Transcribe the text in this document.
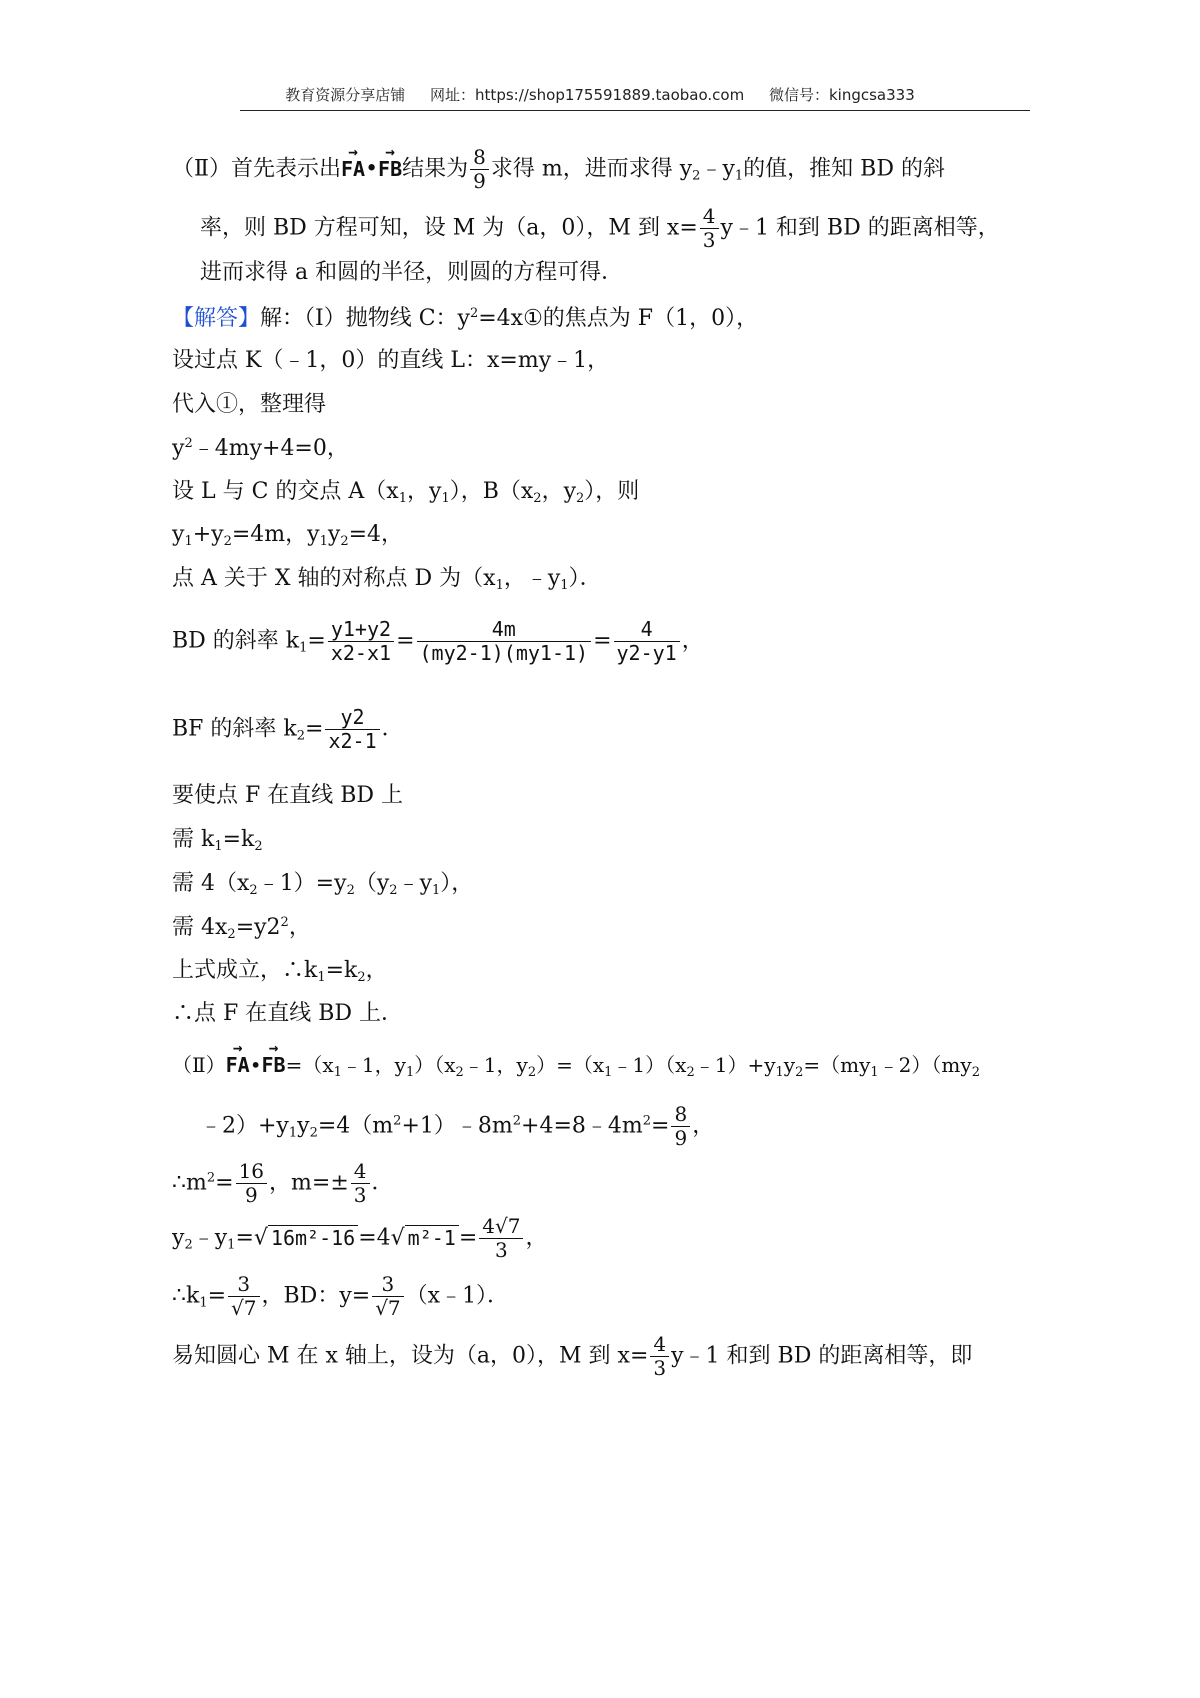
教育资源分享店铺 网址：https://shop175591889.taobao.com 微信号：kingcsa333
（Ⅱ）首先表示出→ FA•→ FB结果为 $\frac{8}{9}$ 求得 m，进而求得 $y_2﹣y_1$的值，推知 BD 的斜
率，则 BD 方程可知，设 M 为（a，0），M 到 $x= \frac{4}{3}$ y﹣1 和到 BD 的距离相等，
进而求得 a 和圆的半径，则圆的方程可得．
【解答】解：（Ⅰ）抛物线 C：$y^2=4x①$的焦点为 F（1，0），
设过点 K（﹣1，0）的直线 L：x=my﹣1，
代入①，整理得
$y^2﹣4my+4=0$，
设 L 与 C 的交点 $A(x_1$，$y_1$），$B(x_2$，$y_2$），则
$y_1+y_2=4m$，$y_1y_2=4$，
点 A 关于 X 轴的对称点 D 为（$x_1$，$﹣y_1$）．
BD 的斜率 $k_1= \frac{y1+y2}{x2-x1} = \frac{4m}{(my2-1)(my1-1)} = \frac{4}{y2-y1}$ ，
BF 的斜率 $k_2= \frac{y2}{x2-1}$ ．
要使点 F 在直线 BD 上
需 $k_1=k_2$
需 $4(x_2﹣1)=y_2(y_2﹣y_1)$，
需 $4x_2=y2^2$，
上式成立，$\therefore k_1=k_2$，
∴点 F 在直线 BD 上．
（Ⅱ）→ FA•→ $FB=(x_1﹣1$，$y_1)(x_2﹣1$，$y_2)=(x_1﹣1)(x_2﹣1)+y_1y_2=(my_1﹣2)(my_2$
$﹣2)+y_1y_2=4(m^2+1)﹣8m^2+4=8﹣4m^2= \frac{8}{9}$ ，
$\therefore m^2= \frac{16}{9}$ ，$m=\pm \frac{4}{3}$ ．
$y_2﹣y_1=√$ 16m²-16 =4√ $m^2-1 = \frac{4√7}{3}$ ，
$\therefore k_1= \frac{3}{√7}$ ，BD：$y= \frac{3}{√7}$ （x﹣1）．
易知圆心 M 在 x 轴上，设为（a，0），M 到 $x= \frac{4}{3}$ y﹣1 和到 BD 的距离相等，即
